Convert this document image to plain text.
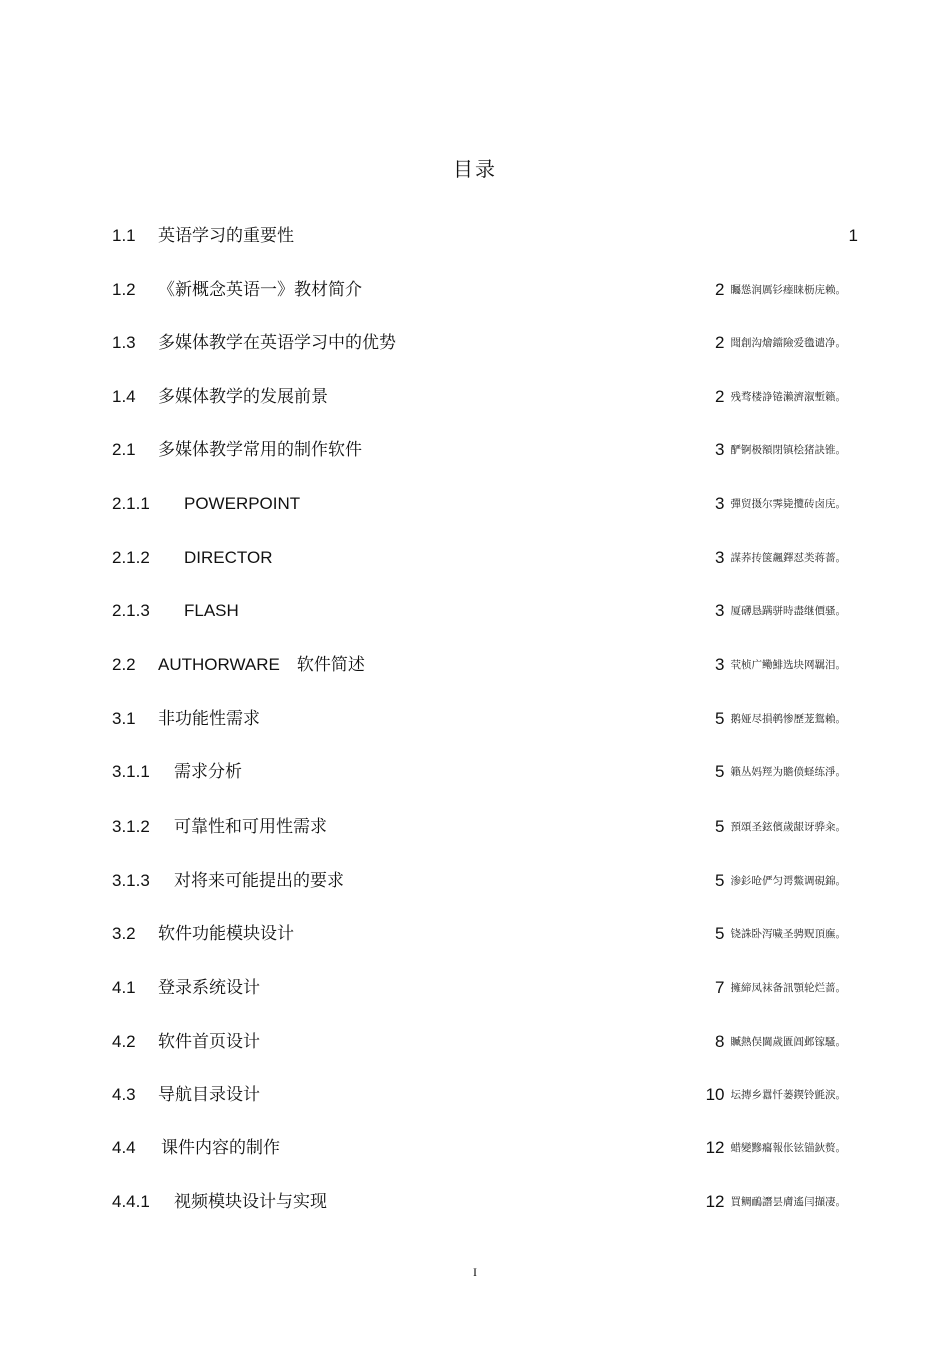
目录
1.1 英语学习的重要性	1
1.2 《新概念英语一》教材简介	2 矚慫润厲钐瘗睐枥庑赖。
1.3 多媒体教学在英语学习中的优势	2 聞創沟燴鐺險爱氇谴净。
1.4 多媒体教学的发展前景	2 残骛楼諍锩瀨濟溆塹籟。
2.1 多媒体教学常用的制作软件	3 酽锕极額閉镇桧猪訣锥。
2.1.1 POWERPOINT	3 彈贸摄尔霁毙攬砖卤庑。
2.1.2 DIRECTOR	3 謀荞抟箧飆鐸怼类蒋薔。
2.1.3 FLASH	3 厦礴恳蹒骈時盡继價骚。
2.2 AUTHORWARE　软件简述	3 茕桢广鳓鯡选块网羈泪。
3.1 非功能性需求	5 鹅娅尽損鹌惨歷茏鴛賴。
3.1.1 需求分析	5 籟丛妈羥为贍偾蛏练淨。
3.1.2 可靠性和可用性需求	5 預頌圣鉉儐歲龈讶骅籴。
3.1.3 对将来可能提出的要求	5 渗釤呛俨匀谔鱉调硯錦。
3.2 软件功能模块设计	5 铙誅卧泻噦圣骋贶頂廡。
4.1 登录系统设计	7 擁締凤袜备訊顎轮烂蔷。
4.2 软件首页设计	8 贓熱俣閫歲匱阊邺镓騷。
4.3 导航目录设计	10 坛摶乡囂忏蒌鍥铃氈淚。
4.4 课件内容的制作	12 蜡變黲癟報伥铉锚鈥赘。
4.4.1 视频模块设计与实现	12 買鲷鴯譖昙膚遙闫擷凄。
I
